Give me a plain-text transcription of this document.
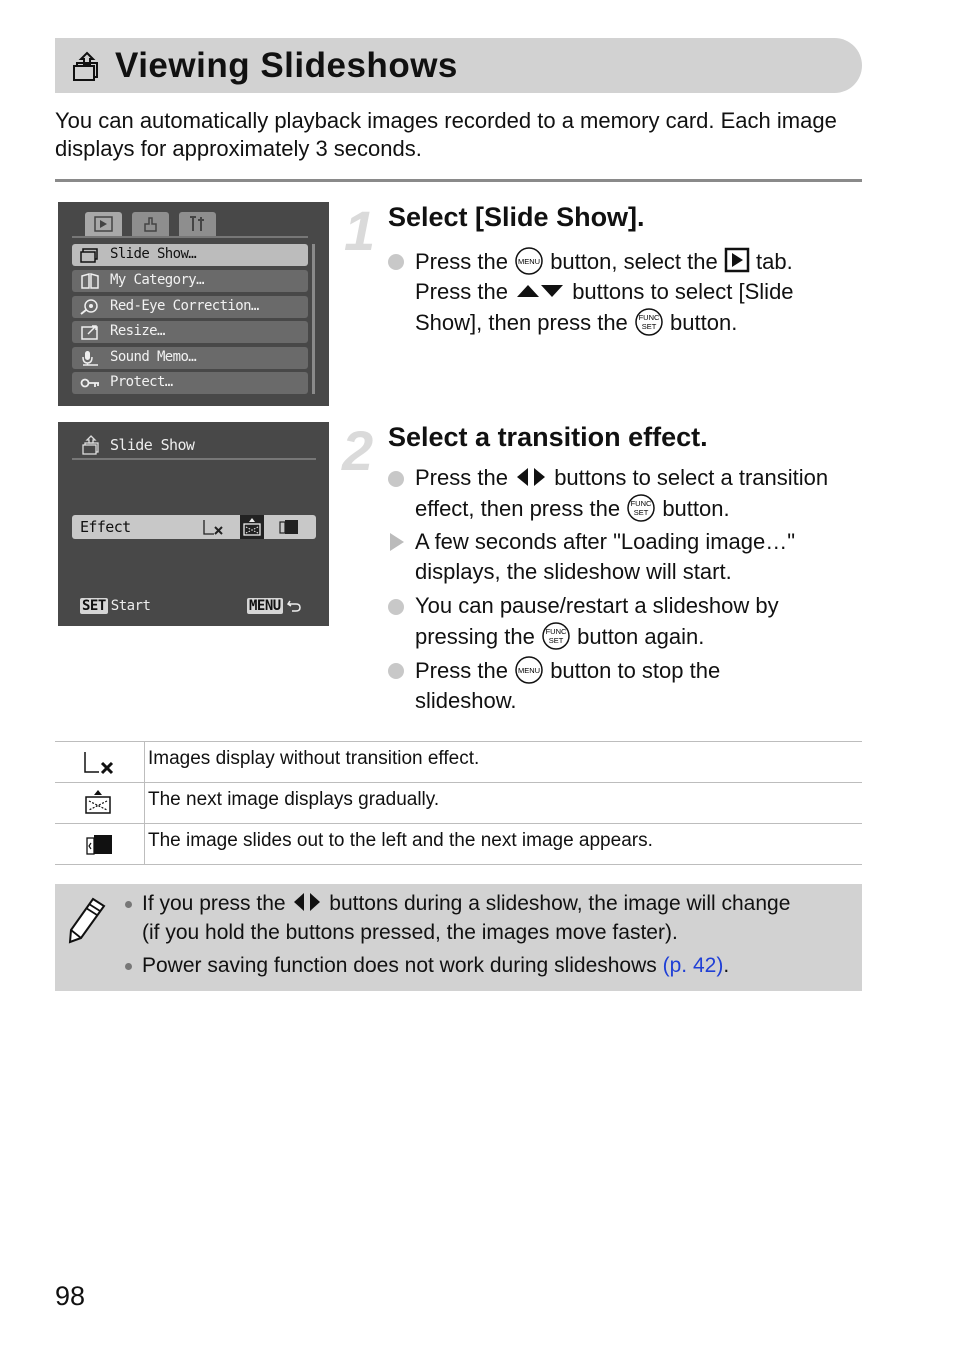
Viewing Slideshows
You can automatically playback images recorded to a memory card. Each image displays for approximately 3 seconds.
Slide Show…
My Category…
Red-Eye Correction…
Resize…
Sound Memo…
Protect…
Slide Show
Effect
SET Start	MENU
1 Select [Slide Show].
Press the MENU button, select the tab.
Press the	buttons to select [Slide
Show], then press the FUNC
SET button.
2 Select a transition effect.
Press the buttons to select a transition
effect, then press the FUNC
SET button.
A few seconds after "Loading image…"
displays, the slideshow will start.
You can pause/restart a slideshow by
pressing the FUNC
SET button again.
Press the MENU button to stop the
slideshow.
Images display without transition effect.
The next image displays gradually.
The image slides out to the left and the next image appears.
If you press the buttons during a slideshow, the image will change
(if you hold the buttons pressed, the images move faster).
Power saving function does not work during slideshows (p. 42).
98
